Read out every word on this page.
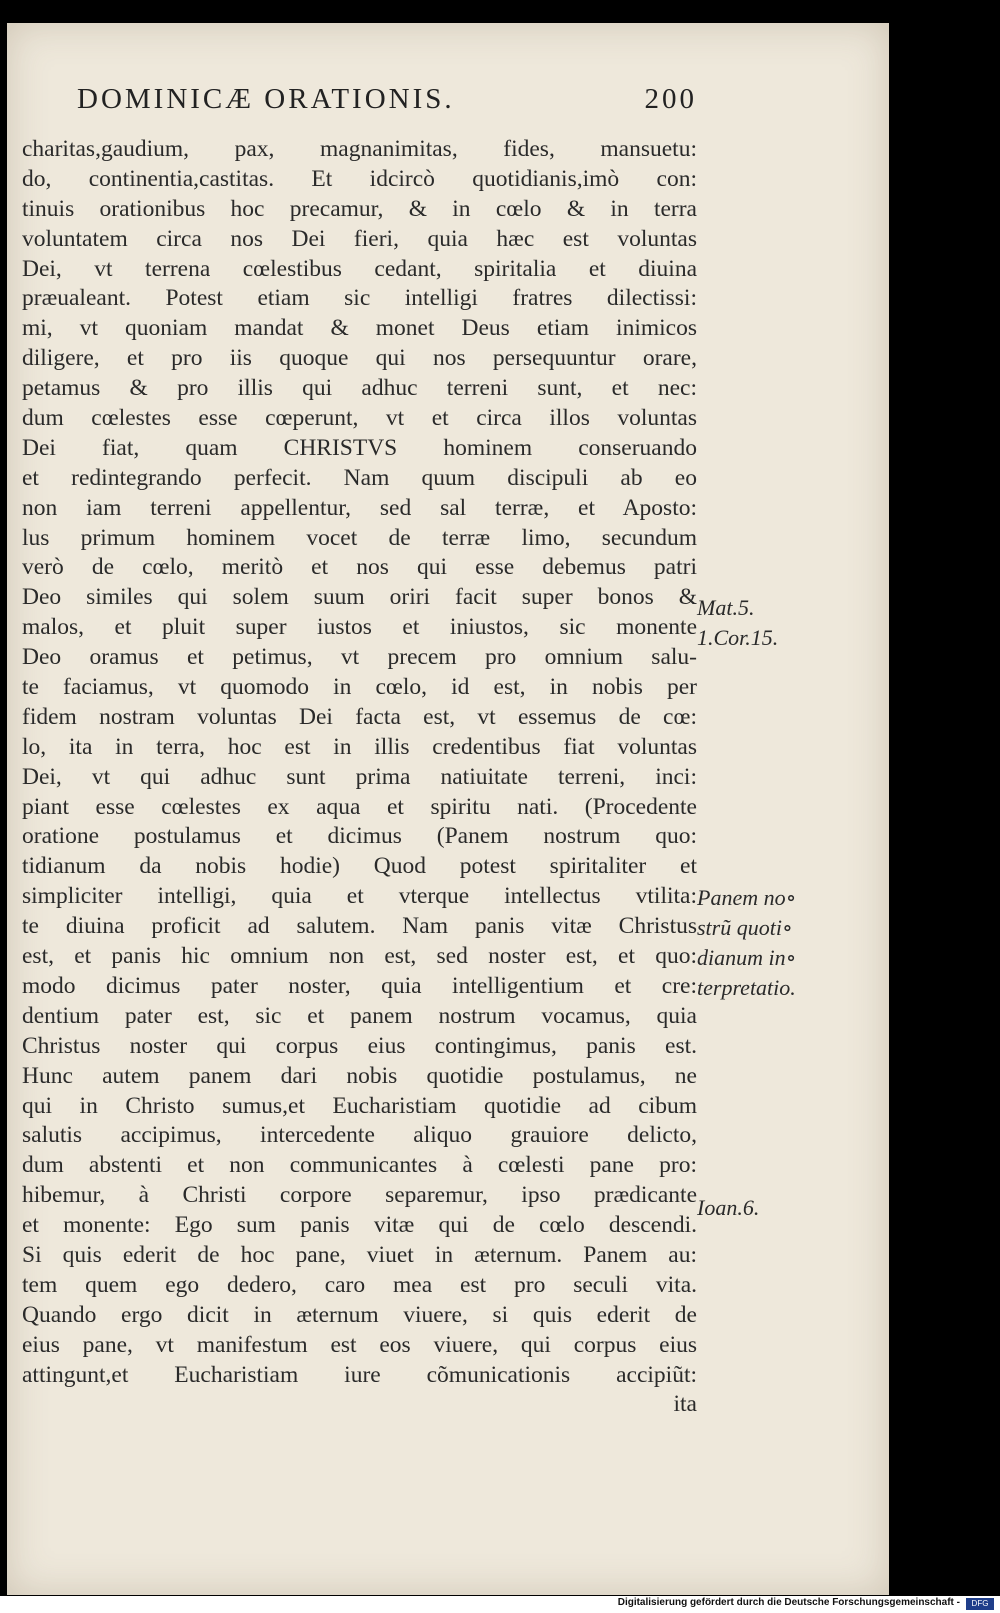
DOMINICÆ ORATIONIS.	200
charitas,gaudium, pax, magnanimitas, fides, mansuetu:
do, continentia,castitas. Et idcircò quotidianis,imò con:
tinuis orationibus hoc precamur, & in cœlo & in terra
voluntatem circa nos Dei fieri, quia hæc est voluntas
Dei, vt terrena cœlestibus cedant, spiritalia et diuina
præualeant. Potest etiam sic intelligi fratres dilectissi:
mi, vt quoniam mandat & monet Deus etiam inimicos
diligere, et pro iis quoque qui nos persequuntur orare,
petamus & pro illis qui adhuc terreni sunt, et nec:
dum cœlestes esse cœperunt, vt et circa illos voluntas
Dei fiat, quam CHRISTVS hominem conseruando
et redintegrando perfecit. Nam quum discipuli ab eo
non iam terreni appellentur, sed sal terræ, et Aposto:
lus primum hominem vocet de terræ limo, secundum
verò de cœlo, meritò et nos qui esse debemus patri
Deo similes qui solem suum oriri facit super bonos &
malos, et pluit super iustos et iniustos, sic monente
Deo oramus et petimus, vt precem pro omnium salu-
te faciamus, vt quomodo in cœlo, id est, in nobis per
fidem nostram voluntas Dei facta est, vt essemus de cœ:
lo, ita in terra, hoc est in illis credentibus fiat voluntas
Dei, vt qui adhuc sunt prima natiuitate terreni, inci:
piant esse cœlestes ex aqua et spiritu nati. (Procedente
oratione postulamus et dicimus (Panem nostrum quo:
tidianum da nobis hodie) Quod potest spiritaliter et
simpliciter intelligi, quia et vterque intellectus vtilita:
te diuina proficit ad salutem. Nam panis vitæ Christus
est, et panis hic omnium non est, sed noster est, et quo:
modo dicimus pater noster, quia intelligentium et cre:
dentium pater est, sic et panem nostrum vocamus, quia
Christus noster qui corpus eius contingimus, panis est.
Hunc autem panem dari nobis quotidie postulamus, ne
qui in Christo sumus,et Eucharistiam quotidie ad cibum
salutis accipimus, intercedente aliquo grauiore delicto,
dum abstenti et non communicantes à cœlesti pane pro:
hibemur, à Christi corpore separemur, ipso prædicante
et monente: Ego sum panis vitæ qui de cœlo descendi.
Si quis ederit de hoc pane, viuet in æternum. Panem au:
tem quem ego dedero, caro mea est pro seculi vita.
Quando ergo dicit in æternum viuere, si quis ederit de
eius pane, vt manifestum est eos viuere, qui corpus eius
attingunt,et Eucharistiam iure cõmunicationis accipiũt:
ita
Mat.5.
1.Cor.15.
Panem no∘
strũ quoti∘
dianum in∘
terpretatio.
Ioan.6.
Digitalisierung gefördert durch die Deutsche Forschungsgemeinschaft -	DFG
